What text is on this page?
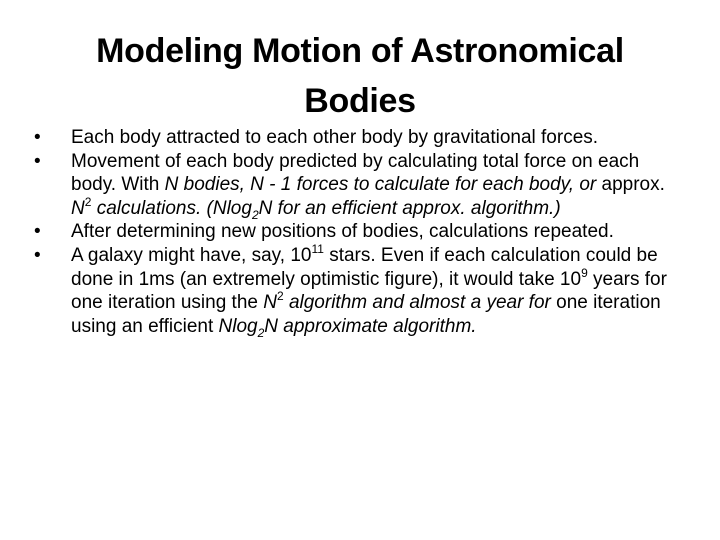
Modeling Motion of Astronomical
Bodies
•	Each body attracted to each other body by gravitational forces.
•	Movement of each body predicted by calculating total force on each body. With N bodies, N - 1 forces to calculate for each body, or approx. $N^2$ calculations. (Nlog$_2$N for an efficient approx. algorithm.)
•	After determining new positions of bodies, calculations repeated.
•	A galaxy might have, say, $10^{11}$ stars. Even if each calculation could be done in 1ms (an extremely optimistic figure), it would take $10^9$ years for one iteration using the $N^2$ algorithm and almost a year for one iteration using an efficient Nlog$_2$N approximate algorithm.
